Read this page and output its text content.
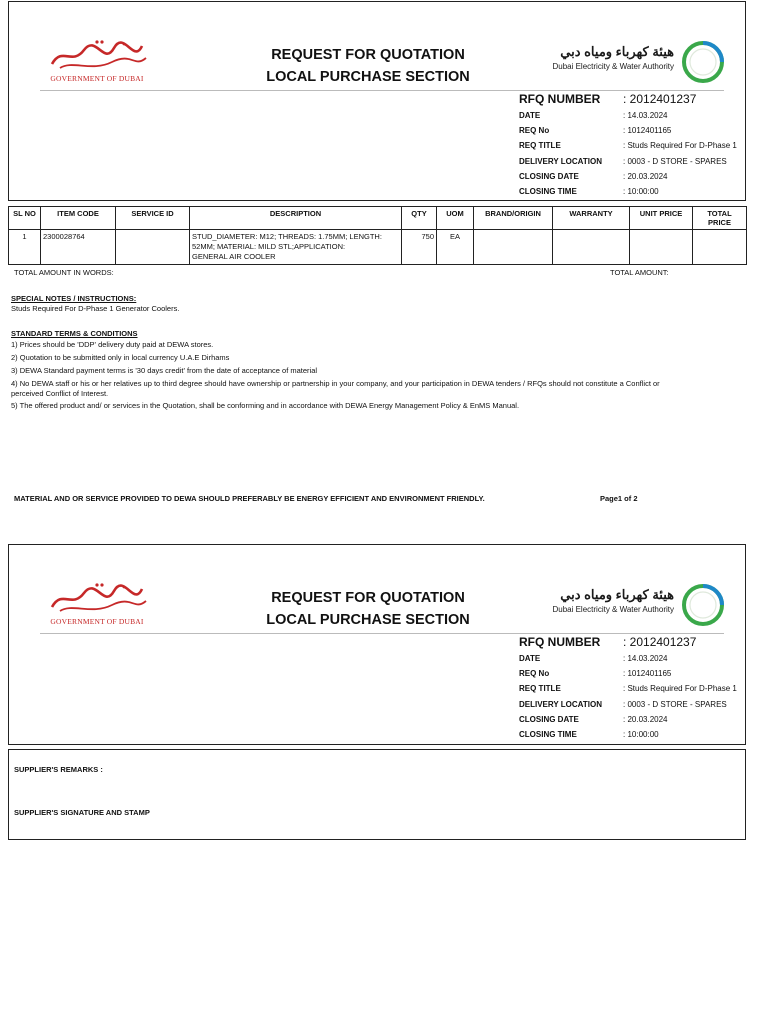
GOVERNMENT OF DUBAI
REQUEST FOR QUOTATION
LOCAL PURCHASE SECTION
هيئة كهرباء ومياه دبي
Dubai Electricity & Water Authority
RFQ NUMBER : 2012401237
DATE	: 14.03.2024
REQ No	: 1012401165
REQ TITLE	: Studs Required For D-Phase 1
DELIVERY LOCATION	: 0003 - D STORE - SPARES
CLOSING DATE	: 20.03.2024
CLOSING TIME	: 10:00:00
SL NO	ITEM CODE	SERVICE ID	DESCRIPTION	QTY	UOM	BRAND/ORIGIN	WARRANTY	UNIT PRICE	TOTAL PRICE
1	2300028764		STUD_DIAMETER: M12; THREADS: 1.75MM; LENGTH:
52MM; MATERIAL: MILD STL;APPLICATION:
GENERAL AIR COOLER	750	EA				
TOTAL AMOUNT IN WORDS:	TOTAL AMOUNT:
SPECIAL NOTES / INSTRUCTIONS:
Studs Required For D-Phase 1 Generator Coolers.
STANDARD TERMS & CONDITIONS
1) Prices should be 'DDP' delivery duty paid at DEWA stores.
2) Quotation to be submitted only in local currency U.A.E Dirhams
3) DEWA Standard payment terms is '30 days credit' from the date of acceptance of material
4) No DEWA staff or his or her relatives up to third degree should have ownership or partnership in your company, and your participation in DEWA tenders / RFQs should not constitute a Conflict or
perceived Conflict of Interest.
5) The offered product and/ or services in the Quotation, shall be conforming and in accordance with DEWA Energy Management Policy & EnMS Manual.
MATERIAL AND OR SERVICE PROVIDED TO DEWA SHOULD PREFERABLY BE ENERGY EFFICIENT AND ENVIRONMENT FRIENDLY.	Page1 of 2
GOVERNMENT OF DUBAI
REQUEST FOR QUOTATION
LOCAL PURCHASE SECTION
هيئة كهرباء ومياه دبي
Dubai Electricity & Water Authority
RFQ NUMBER : 2012401237
DATE	: 14.03.2024
REQ No	: 1012401165
REQ TITLE	: Studs Required For D-Phase 1
DELIVERY LOCATION	: 0003 - D STORE - SPARES
CLOSING DATE	: 20.03.2024
CLOSING TIME	: 10:00:00
SUPPLIER'S REMARKS :
SUPPLIER'S SIGNATURE AND STAMP
